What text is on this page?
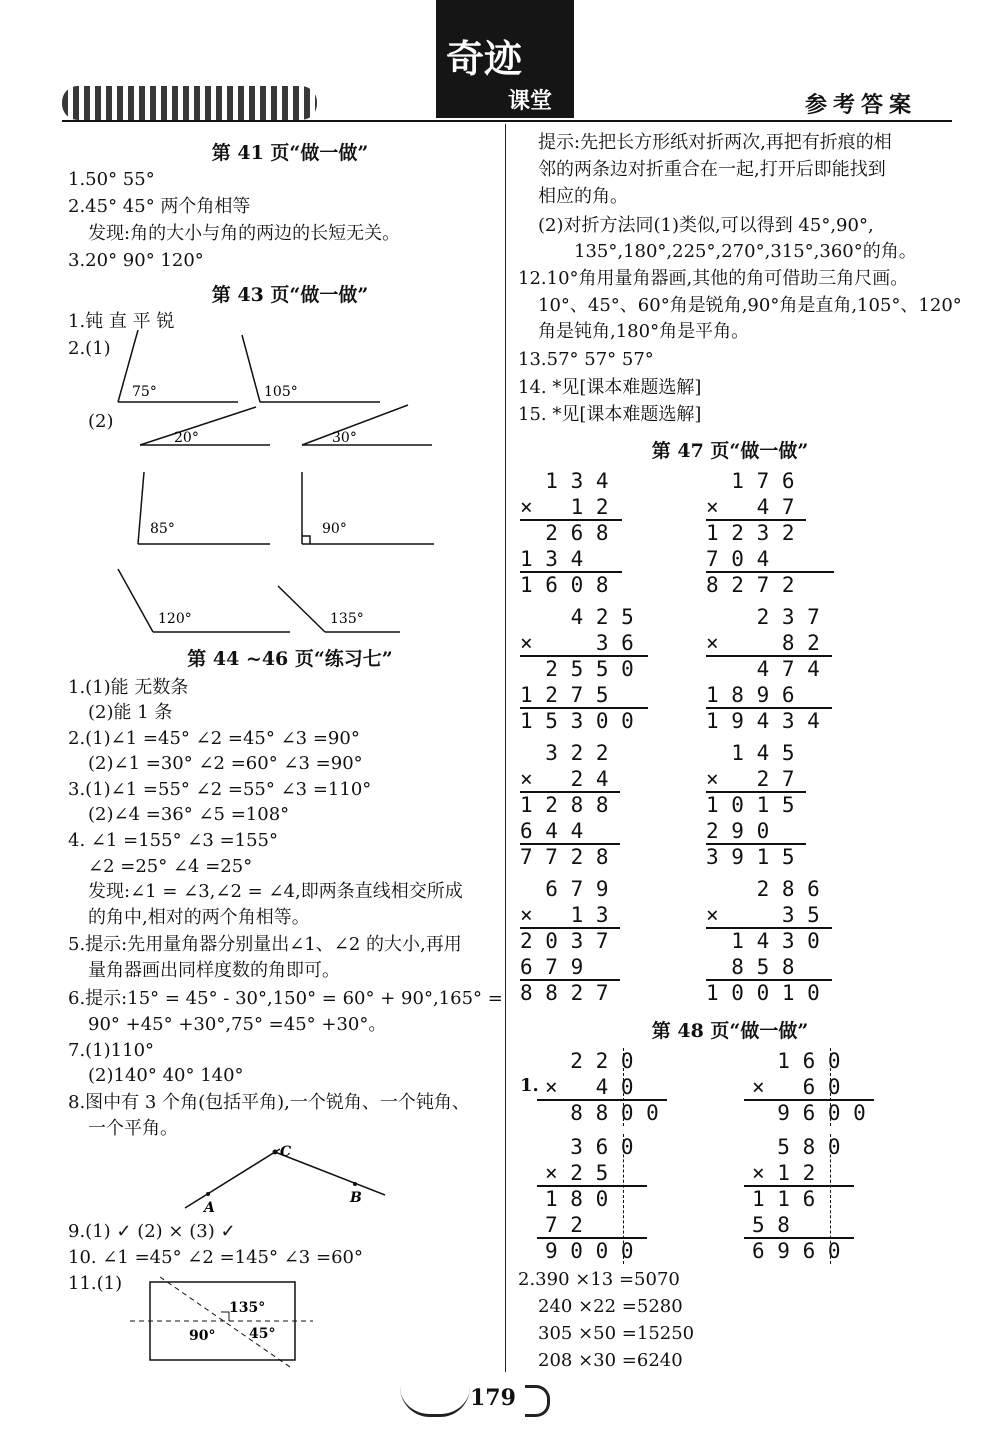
奇迹
课堂	参考答案
第 41 页“做一做”
1.50° 55°
2.45° 45° 两个角相等
发现:角的大小与角的两边的长短无关。
3.20° 90° 120°
第 43 页“做一做”
1.钝 直 平 锐
2.(1)
(2)
75°	105°
20°	30°
85°	90°
120°	135°
第 44 ~46 页“练习七”
1.(1)能 无数条
(2)能 1 条
2.(1)∠1 =45° ∠2 =45° ∠3 =90°
(2)∠1 =30° ∠2 =60° ∠3 =90°
3.(1)∠1 =55° ∠2 =55° ∠3 =110°
(2)∠4 =36° ∠5 =108°
4. ∠1 =155° ∠3 =155°
∠2 =25° ∠4 =25°
发现:∠1 = ∠3,∠2 = ∠4,即两条直线相交所成
的角中,相对的两个角相等。
5.提示:先用量角器分别量出∠1、∠2 的大小,再用
量角器画出同样度数的角即可。
6.提示:15° = 45° - 30°,150° = 60° + 90°,165° =
90° +45° +30°,75° =45° +30°。
7.(1)110°
(2)140° 40° 140°
8.图中有 3 个角(包括平角),一个锐角、一个钝角、
一个平角。
C
A
B
9.(1) ✓ (2) × (3) ✓
10. ∠1 =45° ∠2 =145° ∠3 =60°
11.(1)
135°
90° 45°
提示:先把长方形纸对折两次,再把有折痕的相
邻的两条边对折重合在一起,打开后即能找到
相应的角。
(2)对折方法同(1)类似,可以得到 45°,90°,
135°,180°,225°,270°,315°,360°的角。
12.10°角用量角器画,其他的角可借助三角尺画。
10°、45°、60°角是锐角,90°角是直角,105°、120°
角是钝角,180°角是平角。
13.57° 57° 57°
14. *见[课本难题选解]
15. *见[课本难题选解]
第 47 页“做一做”
1 3 4
×   1 2
2 6 8
1 3 4
1 6 0 8
1 7 6
×   4 7
1 2 3 2
7 0 4
8 2 7 2
4 2 5
×     3 6
2 5 5 0
1 2 7 5
1 5 3 0 0
2 3 7
×     8 2
4 7 4
1 8 9 6
1 9 4 3 4
3 2 2
×   2 4
1 2 8 8
6 4 4
7 7 2 8
1 4 5
×   2 7
1 0 1 5
2 9 0
3 9 1 5
6 7 9
×   1 3
2 0 3 7
6 7 9
8 8 2 7
2 8 6
×     3 5
1 4 3 0
8 5 8
1 0 0 1 0
第 48 页“做一做”
1.
2 2 0
×   4 0
8 8 0 0
1 6 0
×   6 0
9 6 0 0
3 6 0
× 2 5
1 8 0
7 2
9 0 0 0
5 8 0
× 1 2
1 1 6
5 8
6 9 6 0
2.390 ×13 =5070
240 ×22 =5280
305 ×50 =15250
208 ×30 =6240
179
